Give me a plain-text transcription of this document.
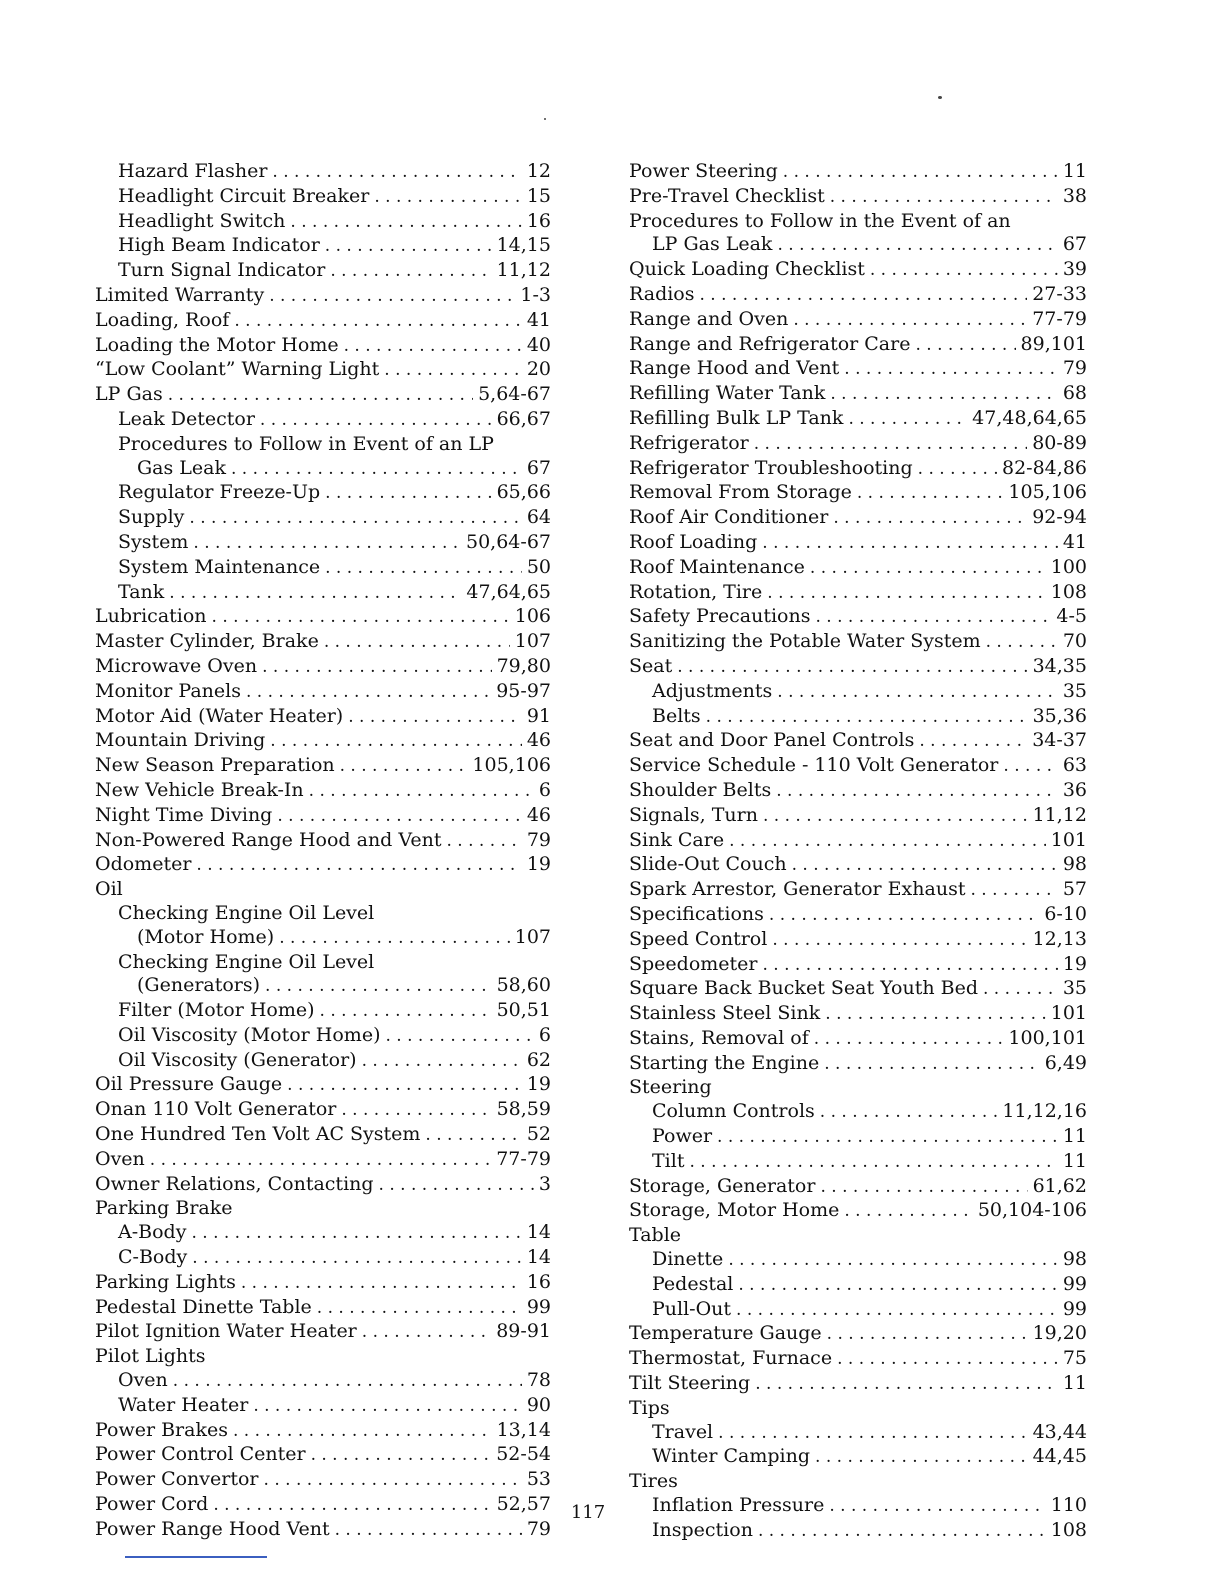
Hazard Flasher . . .	12
Headlight Circuit Breaker . . .	15
Headlight Switch . . .	16
High Beam Indicator . . .	14,15
Turn Signal Indicator . . .	11,12
Limited Warranty . . .	1-3
Loading, Roof . . .	41
Loading the Motor Home . . .	40
“Low Coolant” Warning Light . . .	20
LP Gas . . .	5,64-67
Leak Detector . . .	66,67
Procedures to Follow in Event of an LP
Gas Leak . . .	67
Regulator Freeze-Up . . .	65,66
Supply . . .	64
System . . .	50,64-67
System Maintenance . . .	50
Tank . . .	47,64,65
Lubrication . . .	106
Master Cylinder, Brake . . .	107
Microwave Oven . . .	79,80
Monitor Panels . . .	95-97
Motor Aid (Water Heater) . . .	91
Mountain Driving . . .	46
New Season Preparation . . .	105,106
New Vehicle Break-In . . .	6
Night Time Diving . . .	46
Non-Powered Range Hood and Vent . . .	79
Odometer . . .	19
Oil
Checking Engine Oil Level
(Motor Home) . . .	107
Checking Engine Oil Level
(Generators) . . .	58,60
Filter (Motor Home) . . .	50,51
Oil Viscosity (Motor Home) . . .	6
Oil Viscosity (Generator) . . .	62
Oil Pressure Gauge . . .	19
Onan 110 Volt Generator . . .	58,59
One Hundred Ten Volt AC System . . .	52
Oven . . .	77-79
Owner Relations, Contacting . . .	3
Parking Brake
A-Body . . .	14
C-Body . . .	14
Parking Lights . . .	16
Pedestal Dinette Table . . .	99
Pilot Ignition Water Heater . . .	89-91
Pilot Lights
Oven . . .	78
Water Heater . . .	90
Power Brakes . . .	13,14
Power Control Center . . .	52-54
Power Convertor . . .	53
Power Cord . . .	52,57
Power Range Hood Vent . . .	79
Power Steering . . .	11
Pre-Travel Checklist . . .	38
Procedures to Follow in the Event of an
LP Gas Leak . . .	67
Quick Loading Checklist . . .	39
Radios . . .	27-33
Range and Oven . . .	77-79
Range and Refrigerator Care . . .	89,101
Range Hood and Vent . . .	79
Refilling Water Tank . . .	68
Refilling Bulk LP Tank . . .	47,48,64,65
Refrigerator . . .	80-89
Refrigerator Troubleshooting . . .	82-84,86
Removal From Storage . . .	105,106
Roof Air Conditioner . . .	92-94
Roof Loading . . .	41
Roof Maintenance . . .	100
Rotation, Tire . . .	108
Safety Precautions . . .	4-5
Sanitizing the Potable Water System . . .	70
Seat . . .	34,35
Adjustments . . .	35
Belts . . .	35,36
Seat and Door Panel Controls . . .	34-37
Service Schedule - 110 Volt Generator . . .	63
Shoulder Belts . . .	36
Signals, Turn . . .	11,12
Sink Care . . .	101
Slide-Out Couch . . .	98
Spark Arrestor, Generator Exhaust . . .	57
Specifications . . .	6-10
Speed Control . . .	12,13
Speedometer . . .	19
Square Back Bucket Seat Youth Bed . . .	35
Stainless Steel Sink . . .	101
Stains, Removal of . . .	100,101
Starting the Engine . . .	6,49
Steering
Column Controls . . .	11,12,16
Power . . .	11
Tilt . . .	11
Storage, Generator . . .	61,62
Storage, Motor Home . . .	50,104-106
Table
Dinette . . .	98
Pedestal . . .	99
Pull-Out . . .	99
Temperature Gauge . . .	19,20
Thermostat, Furnace . . .	75
Tilt Steering . . .	11
Tips
Travel . . .	43,44
Winter Camping . . .	44,45
Tires
Inflation Pressure . . .	110
Inspection . . .	108
117
